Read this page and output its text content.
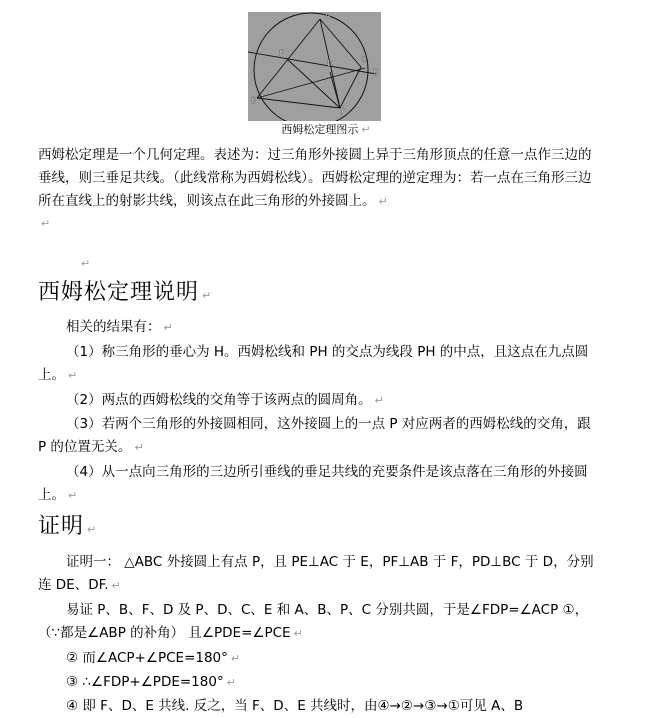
A
F
C
D
E
B
P
西姆松定理图示 ↵
西姆松定理是一个几何定理。表述为：过三角形外接圆上异于三角形顶点的任意一点作三边的垂线，则三垂足共线。（此线常称为西姆松线）。西姆松定理的逆定理为：若一点在三角形三边所在直线上的射影共线，则该点在此三角形的外接圆上。 ↵
↵
↵
西姆松定理说明 ↵
相关的结果有： ↵
（1）称三角形的垂心为 H。西姆松线和 PH 的交点为线段 PH 的中点，且这点在九点圆上。 ↵
（2）两点的西姆松线的交角等于该两点的圆周角。 ↵
（3）若两个三角形的外接圆相同，这外接圆上的一点 P 对应两者的西姆松线的交角，跟 P 的位置无关。 ↵
（4）从一点向三角形的三边所引垂线的垂足共线的充要条件是该点落在三角形的外接圆上。 ↵
证明 ↵
证明一： △ABC 外接圆上有点 P，且 PE⊥AC 于 E，PF⊥AB 于 F，PD⊥BC 于 D，分别连 DE、DF. ↵
易证 P、B、F、D 及 P、D、C、E 和 A、B、P、C 分别共圆，于是∠FDP=∠ACP ①，（∵都是∠ABP 的补角） 且∠PDE=∠PCE ↵
② 而∠ACP+∠PCE=180° ↵
③ ∴∠FDP+∠PDE=180° ↵
④ 即 F、D、E 共线. 反之，当 F、D、E 共线时，由④→②→③→①可见 A、B
